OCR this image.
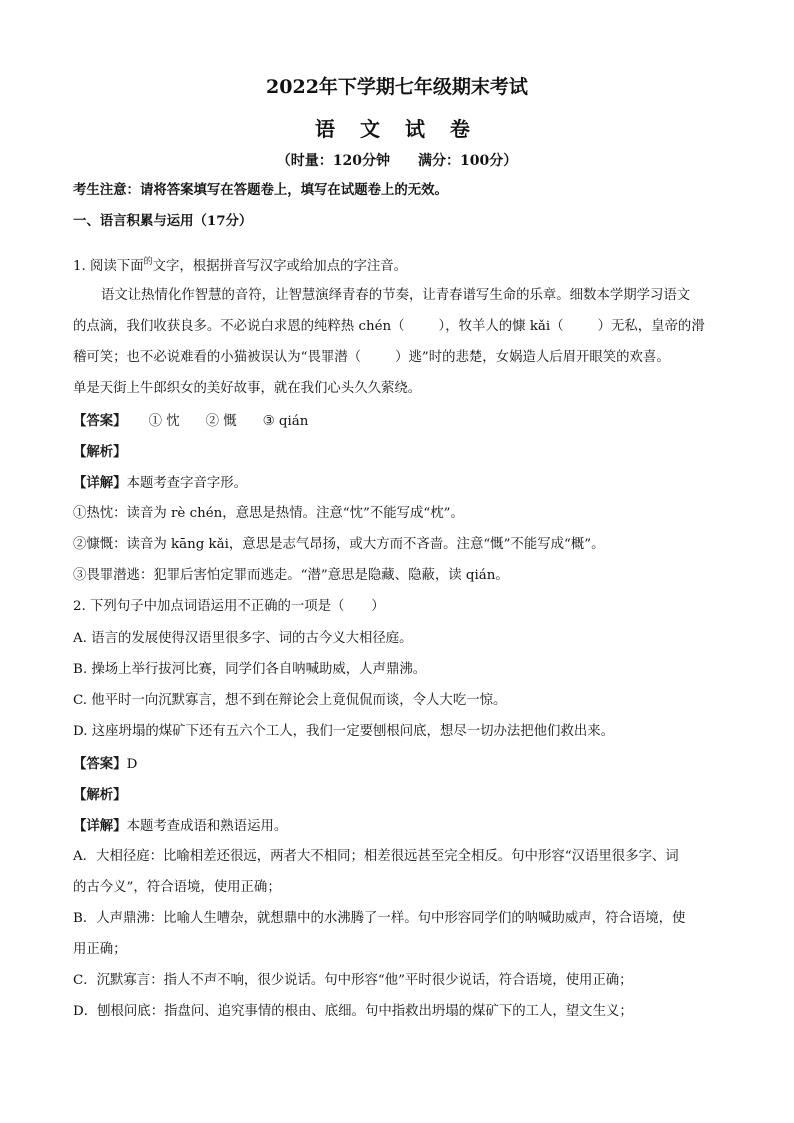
2022年下学期七年级期末考试
语 文 试 卷
（时量：120分钟　　满分：100分）
考生注意：请将答案填写在答题卷上，填写在试题卷上的无效。
一、语言积累与运用（17分）
1. 阅读下面$^的$文字，根据拼音写汉字或给加点的字注音。
语文让热情化作智慧的音符，让智慧演绎青春的节奏，让青春谱写生命的乐章。细数本学期学习语文
的点滴，我们收获良多。不必说白求恩的纯粹热 chén（	），牧羊人的慷 kǎi（	）无私，皇帝的滑
稽可笑；也不必说难看的小猫被误认为“畏罪潜（	）逃”时的悲楚，女娲造人后眉开眼笑的欢喜。
单是天街上牛郎织女的美好故事，就在我们心头久久萦绕。
【答案】 ① 忱 ② 慨 ③ qián
【解析】
【详解】本题考查字音字形。
①热忱：读音为 rè chén，意思是热情。注意“忱”不能写成“枕”。
②慷慨：读音为 kāng kǎi，意思是志气昂扬，或大方而不吝啬。注意“慨”不能写成“概”。
③畏罪潜逃：犯罪后害怕定罪而逃走。“潜”意思是隐藏、隐蔽，读 qián。
2. 下列句子中加点词语运用不正确的一项是（　　）
A. 语言的发展使得汉语里很多字、词的古今义大相径庭。
B. 操场上举行拔河比赛，同学们各自呐喊助威，人声鼎沸。
C. 他平时一向沉默寡言，想不到在辩论会上竟侃侃而谈，令人大吃一惊。
D. 这座坍塌的煤矿下还有五六个工人，我们一定要刨根问底，想尽一切办法把他们救出来。
【答案】D
【解析】
【详解】本题考查成语和熟语运用。
A．大相径庭：比喻相差还很远，两者大不相同；相差很远甚至完全相反。句中形容“汉语里很多字、词
的古今义”，符合语境，使用正确；
B．人声鼎沸：比喻人生嘈杂，就想鼎中的水沸腾了一样。句中形容同学们的呐喊助威声，符合语境，使
用正确；
C．沉默寡言：指人不声不响，很少说话。句中形容“他”平时很少说话，符合语境，使用正确；
D．刨根问底：指盘问、追究事情的根由、底细。句中指救出坍塌的煤矿下的工人，望文生义；
